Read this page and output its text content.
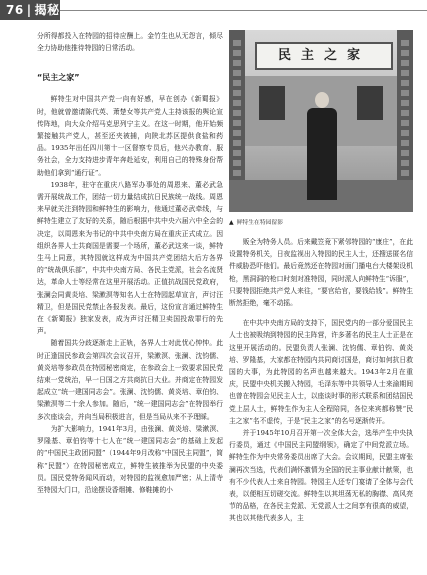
76 | 揭秘

分所得都投入在特园的招待应酬上。金竹生也从无怨言，倾尽全力协助他推待特园的日常活动。

“民主之家”

鲜特生对中国共产党一向有好感，早在创办《新蜀报》时，他就曾邀请陈代英、萧楚女等共产党人主持该报的舆论宣传阵地，向大众介绍马克思列宁主义。在这一时期，他开始频繁接触共产党人，甚至还夹被捕，向陕北苏区提供食盐和药品。1935年出任四川第十一区督察专员后，他兴办教育、服务社会，全力支持进步青年奔赴延安，利用自己的特殊身份帮助他们拿到“通行证”。

1938年，驻守在重庆八路军办事处的周恩来、董必武急需开展统战工作，团结一切力量结成抗日民族统一战线。周恩来早就关注到特园和鲜特生的影响力，他通过董必武牵线，与鲜特生建立了友好的关系，随后根据中共中央六届六中全会的决定，以周恩来为书记的中共中央南方局在重庆正式成立。因组织各界人士共商国是需要一个场所，董必武这来一谈，鲜特生马上同意，其特园就这样成为中国共产党团结大后方各界的“统战俱乐部”，中共中央南方局、各民主党派，社会名流贤达，革命人士等经常在这里开展活动。正值抗战国民党政府，张澜会同黄炎培、梁漱溟等知名人士在特园起草宣言，声讨汪精卫，但是国民党禁止各报发表。最后，这份宣言通过鲜特生在《新蜀报》独家发表，成为声讨汪精卫卖国投敌罪行的先声。

随着国共分歧逐渐走上正轨，各界人士对此忧心忡忡。此时正逢国民参政会第四次会议召开，梁漱溟、张澜、沈钧儒、黄炎培等参政员在特园秘密商定，在参政会上一致要求国民党结束一党统治，早一日国之方共商抗日大业。并商定在特园发起成立“统一建国同志会”。张澜、沈钧儒、黄炎培、章伯钧、梁漱溟等二十余人参加。随后，“统一建国同志会”在特园举行多次座谈会，并向当局积极进言，但是当局从来不予理睬。

为扩大影响力，1941年3月，由张澜、黄炎培、梁漱溟、罗隆基、章伯钧等十七人在“统一建国同志会”的基础上发起的“中国民主政团同盟”（1944年9月改称“中国民主同盟”，简称“民盟”）在特园秘密成立，鲜特生被推举为民盟的中央委员。国民党特务闻风而动，对特园的监视愈加严密；从上清寺至特园大门口，沿途摆设香烟摊、修鞋摊的小

民主之家
▲ 鲜特生在特园留影

贩全为特务人员。后来戴笠竟下紧邻特园的“康庄”，在此设置特务机关，日夜监视出入特园的民主人士，还搜送匿名信件威胁恐吓他们。最后竟然还在特园对面门播电台大楼架设机枪，黑洞洞的枪口时刻对准特园，同时派人向鲜特生“诉服”，只要特园拒绝共产党人来往，“要官给官，要钱给钱”。鲜特生断然拒绝，毫不动摇。

在中共中央南方局的支持下，国民党内的一部分爱国民主人士也被吸纳到特园的民主阵营，许多著名的民主人士正是在这里开展活动的。民盟负责人张澜、沈钧儒、章伯钧、黄炎培、罗隆基，大家都在特园内共同商讨国是，商讨如何抗日救国的大事，为此特园的名声也越来越大。1943年2月在重庆，民盟中央机关搬入特园，毛泽东等中共领导人士来渝期间也曾在特园会见民主人士，以座谈时事的形式联系和团结国民党上层人士，鲜特生作为主人全程陪同，各位来宾都称赞“民主之家”名不虚传，于是“民主之家”的名号逐渐传开。

并于1945年10月召开第一次全体大会，选举产生中央执行委员，通过《中国民主同盟纲领》，确定了中间党派立场。鲜特生作为中央常务委员出席了大会。会议期间，民盟主席张澜再次当选，代表们满怀激情为全国的民主事业献计献策，也有不少代表人士来自特园。特园主人还专门宴请了全体与会代表，以便相互切磋交流。鲜特生以其坦荡无私的胸襟、高风亮节的品格，在各民主党派、无党派人士之间享有很高的威望，其也以其他代表多人，主
